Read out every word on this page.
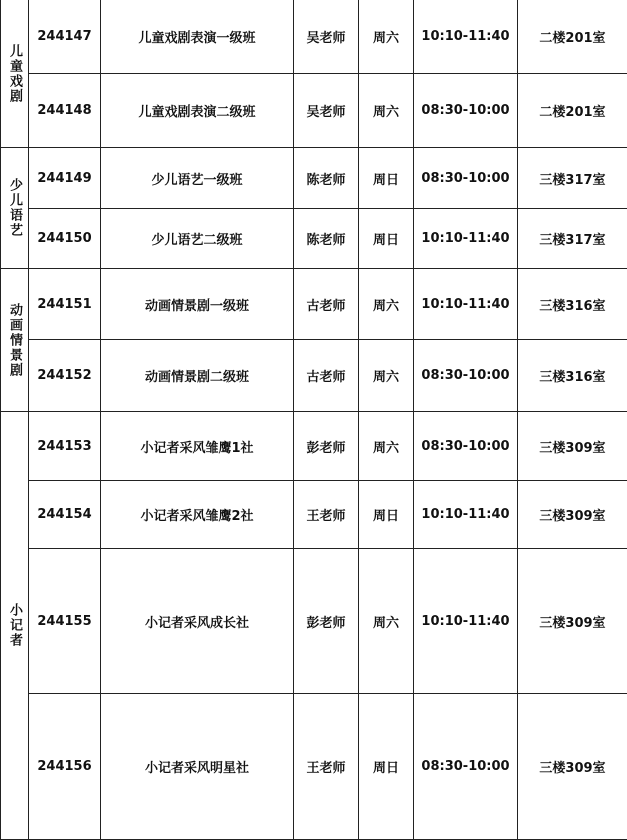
儿童戏剧	244147	儿童戏剧表演一级班	吴老师	周六	10:10-11:40	二楼201室
	244148	儿童戏剧表演二级班	吴老师	周六	08:30-10:00	二楼201室
少儿语艺	244149	少儿语艺一级班	陈老师	周日	08:30-10:00	三楼317室
	244150	少儿语艺二级班	陈老师	周日	10:10-11:40	三楼317室
动画情景剧	244151	动画情景剧一级班	古老师	周六	10:10-11:40	三楼316室
	244152	动画情景剧二级班	古老师	周六	08:30-10:00	三楼316室
小记者	244153	小记者采风雏鹰1社	彭老师	周六	08:30-10:00	三楼309室
	244154	小记者采风雏鹰2社	王老师	周日	10:10-11:40	三楼309室
	244155	小记者采风成长社	彭老师	周六	10:10-11:40	三楼309室
	244156	小记者采风明星社	王老师	周日	08:30-10:00	三楼309室
